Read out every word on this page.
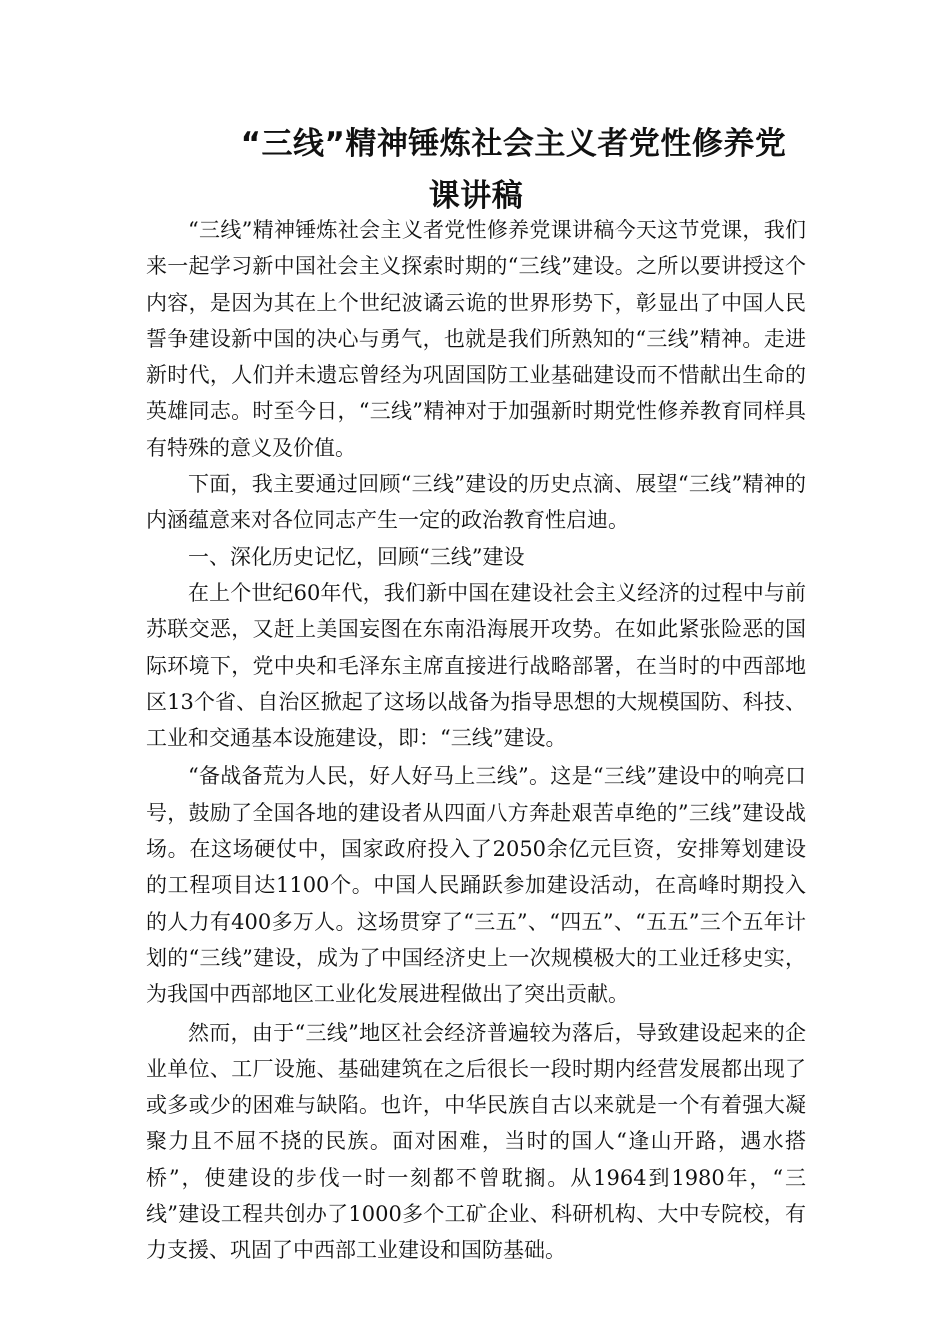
“三线”精神锤炼社会主义者党性修养党
课讲稿

“三线”精神锤炼社会主义者党性修养党课讲稿今天这节党课，我们来一起学习新中国社会主义探索时期的“三线”建设。之所以要讲授这个内容，是因为其在上个世纪波谲云诡的世界形势下，彰显出了中国人民誓争建设新中国的决心与勇气，也就是我们所熟知的“三线”精神。走进新时代，人们并未遗忘曾经为巩固国防工业基础建设而不惜献出生命的英雄同志。时至今日，“三线”精神对于加强新时期党性修养教育同样具有特殊的意义及价值。

下面，我主要通过回顾“三线”建设的历史点滴、展望“三线”精神的内涵蕴意来对各位同志产生一定的政治教育性启迪。

一、深化历史记忆，回顾“三线”建设

在上个世纪60年代，我们新中国在建设社会主义经济的过程中与前苏联交恶，又赶上美国妄图在东南沿海展开攻势。在如此紧张险恶的国际环境下，党中央和毛泽东主席直接进行战略部署，在当时的中西部地区13个省、自治区掀起了这场以战备为指导思想的大规模国防、科技、工业和交通基本设施建设，即：“三线”建设。

“备战备荒为人民，好人好马上三线”。这是“三线”建设中的响亮口号，鼓励了全国各地的建设者从四面八方奔赴艰苦卓绝的”三线”建设战场。在这场硬仗中，国家政府投入了2050余亿元巨资，安排筹划建设的工程项目达1100个。中国人民踊跃参加建设活动，在高峰时期投入的人力有400多万人。这场贯穿了“三五”、“四五”、“五五”三个五年计划的“三线”建设，成为了中国经济史上一次规模极大的工业迁移史实，为我国中西部地区工业化发展进程做出了突出贡献。

然而，由于“三线”地区社会经济普遍较为落后，导致建设起来的企业单位、工厂设施、基础建筑在之后很长一段时期内经营发展都出现了或多或少的困难与缺陷。也许，中华民族自古以来就是一个有着强大凝聚力且不屈不挠的民族。面对困难，当时的国人“逢山开路，遇水搭桥”，使建设的步伐一时一刻都不曾耽搁。从1964到1980年，“三线”建设工程共创办了1000多个工矿企业、科研机构、大中专院校，有力支援、巩固了中西部工业建设和国防基础。
